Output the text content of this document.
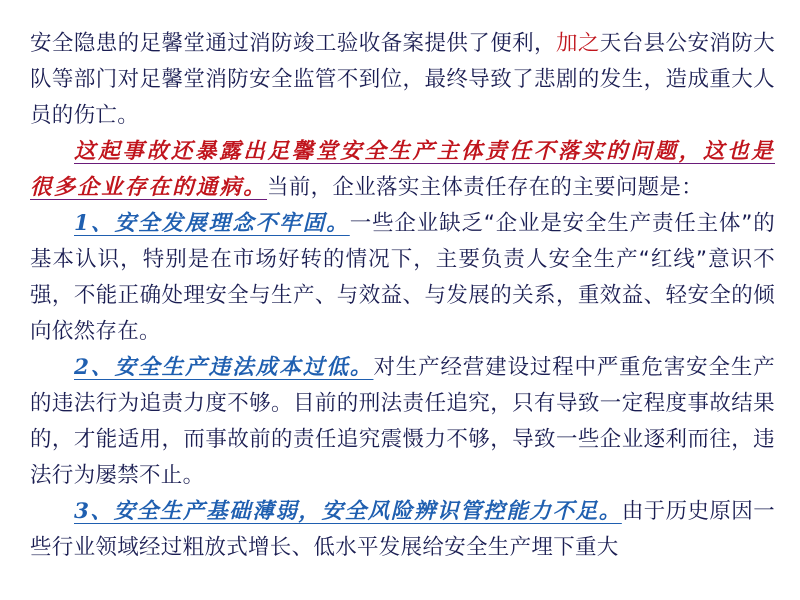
安全隐患的足馨堂通过消防竣工验收备案提供了便利，加之天台县公安消防大队等部门对足馨堂消防安全监管不到位，最终导致了悲剧的发生，造成重大人员的伤亡。

这起事故还暴露出足馨堂安全生产主体责任不落实的问题，这也是很多企业存在的通病。当前，企业落实主体责任存在的主要问题是：

1、安全发展理念不牢固。一些企业缺乏“企业是安全生产责任主体”的基本认识，特别是在市场好转的情况下，主要负责人安全生产“红线”意识不强，不能正确处理安全与生产、与效益、与发展的关系，重效益、轻安全的倾向依然存在。

2、安全生产违法成本过低。对生产经营建设过程中严重危害安全生产的违法行为追责力度不够。目前的刑法责任追究，只有导致一定程度事故结果的，才能适用，而事故前的责任追究震慑力不够，导致一些企业逐利而往，违法行为屡禁不止。

3、安全生产基础薄弱，安全风险辨识管控能力不足。由于历史原因一些行业领域经过粗放式增长、低水平发展给安全生产埋下重大
